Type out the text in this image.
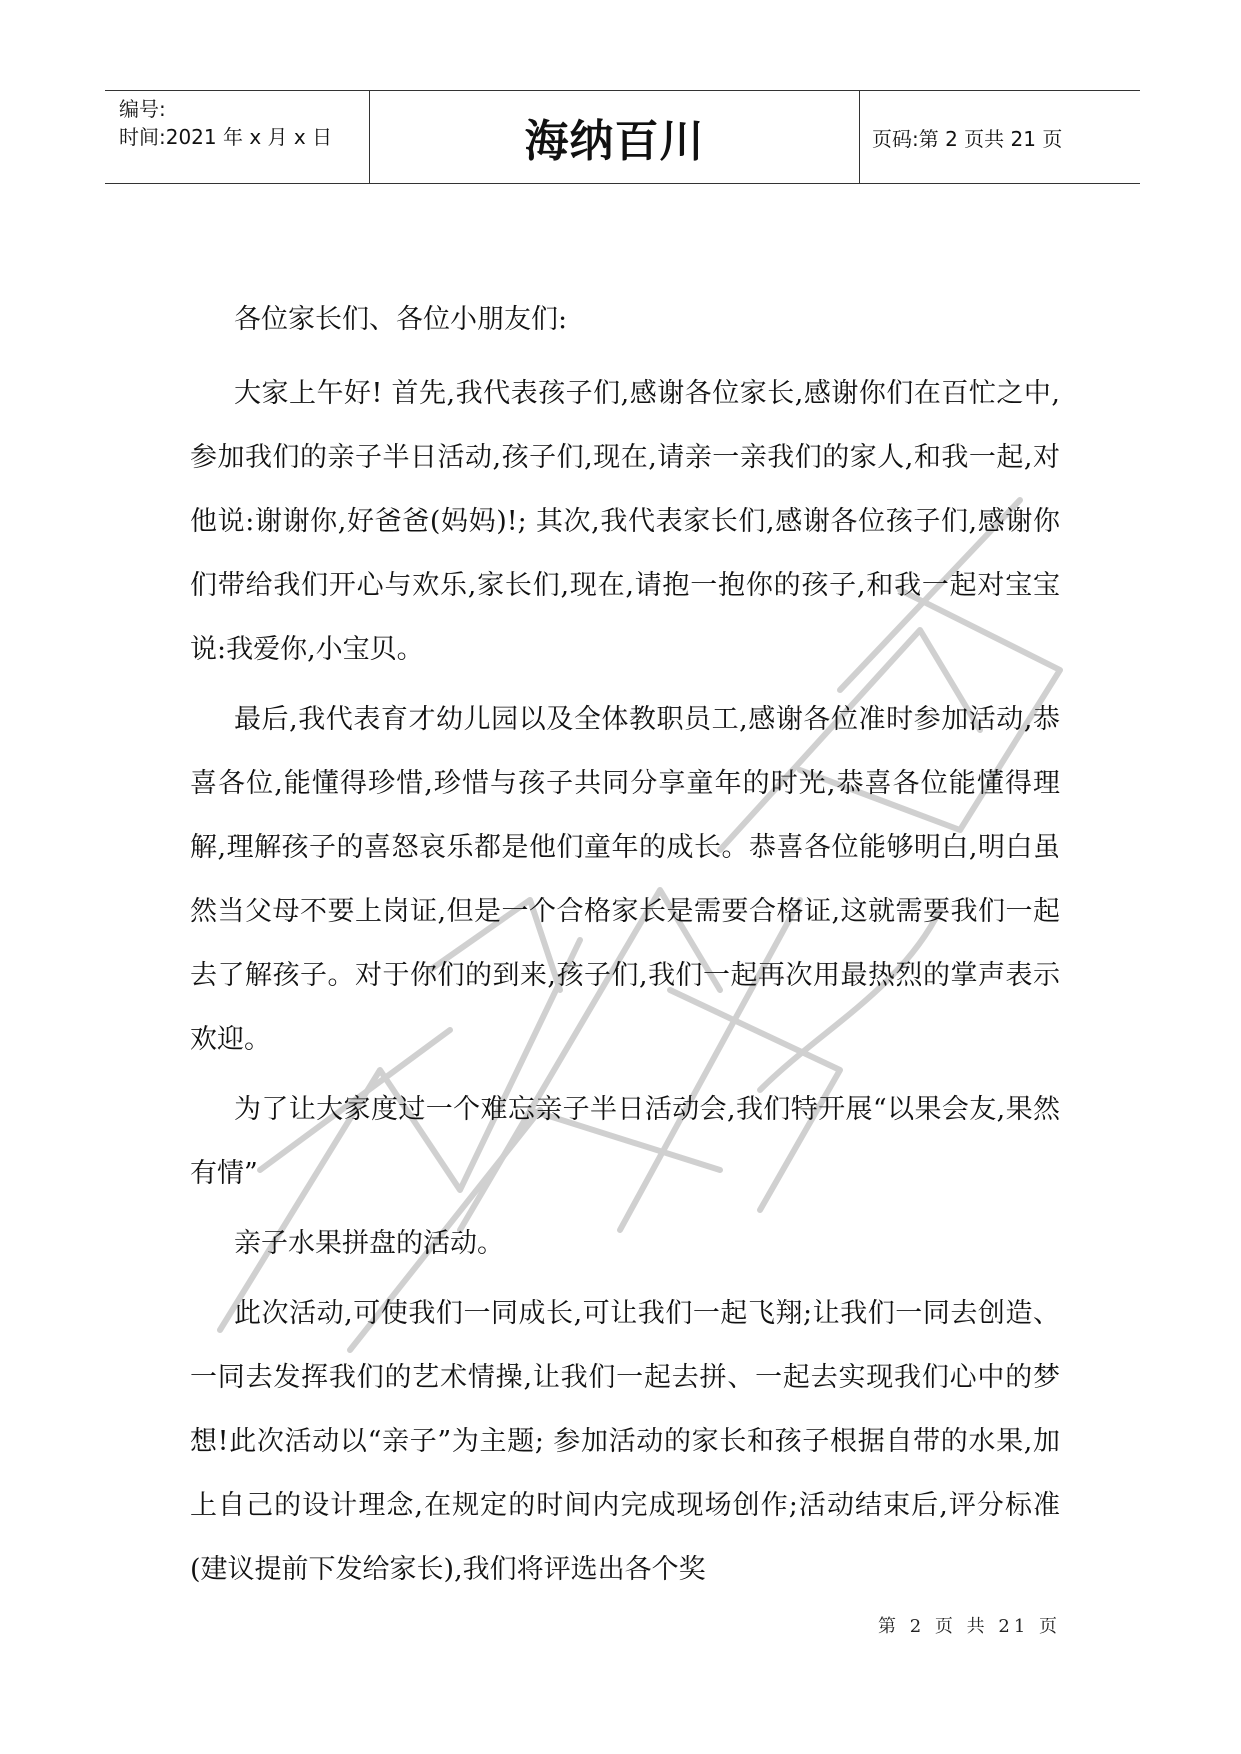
编号:
时间:2021 年 x 月 x 日	海纳百川	页码:第 2 页共 21 页

各位家长们、各位小朋友们:

大家上午好! 首先,我代表孩子们,感谢各位家长,感谢你们在百忙之中,参加我们的亲子半日活动,孩子们,现在,请亲一亲我们的家人,和我一起,对他说:谢谢你,好爸爸(妈妈)!; 其次,我代表家长们,感谢各位孩子们,感谢你们带给我们开心与欢乐,家长们,现在,请抱一抱你的孩子,和我一起对宝宝说:我爱你,小宝贝。

最后,我代表育才幼儿园以及全体教职员工,感谢各位准时参加活动,恭喜各位,能懂得珍惜,珍惜与孩子共同分享童年的时光,恭喜各位能懂得理解,理解孩子的喜怒哀乐都是他们童年的成长。恭喜各位能够明白,明白虽然当父母不要上岗证,但是一个合格家长是需要合格证,这就需要我们一起去了解孩子。对于你们的到来,孩子们,我们一起再次用最热烈的掌声表示欢迎。

为了让大家度过一个难忘亲子半日活动会,我们特开展“以果会友,果然有情”

亲子水果拼盘的活动。

此次活动,可使我们一同成长,可让我们一起飞翔;让我们一同去创造、一同去发挥我们的艺术情操,让我们一起去拼、一起去实现我们心中的梦想!此次活动以“亲子”为主题; 参加活动的家长和孩子根据自带的水果,加上自己的设计理念,在规定的时间内完成现场创作;活动结束后,评分标准(建议提前下发给家长),我们将评选出各个奖

第 2 页 共 21 页
